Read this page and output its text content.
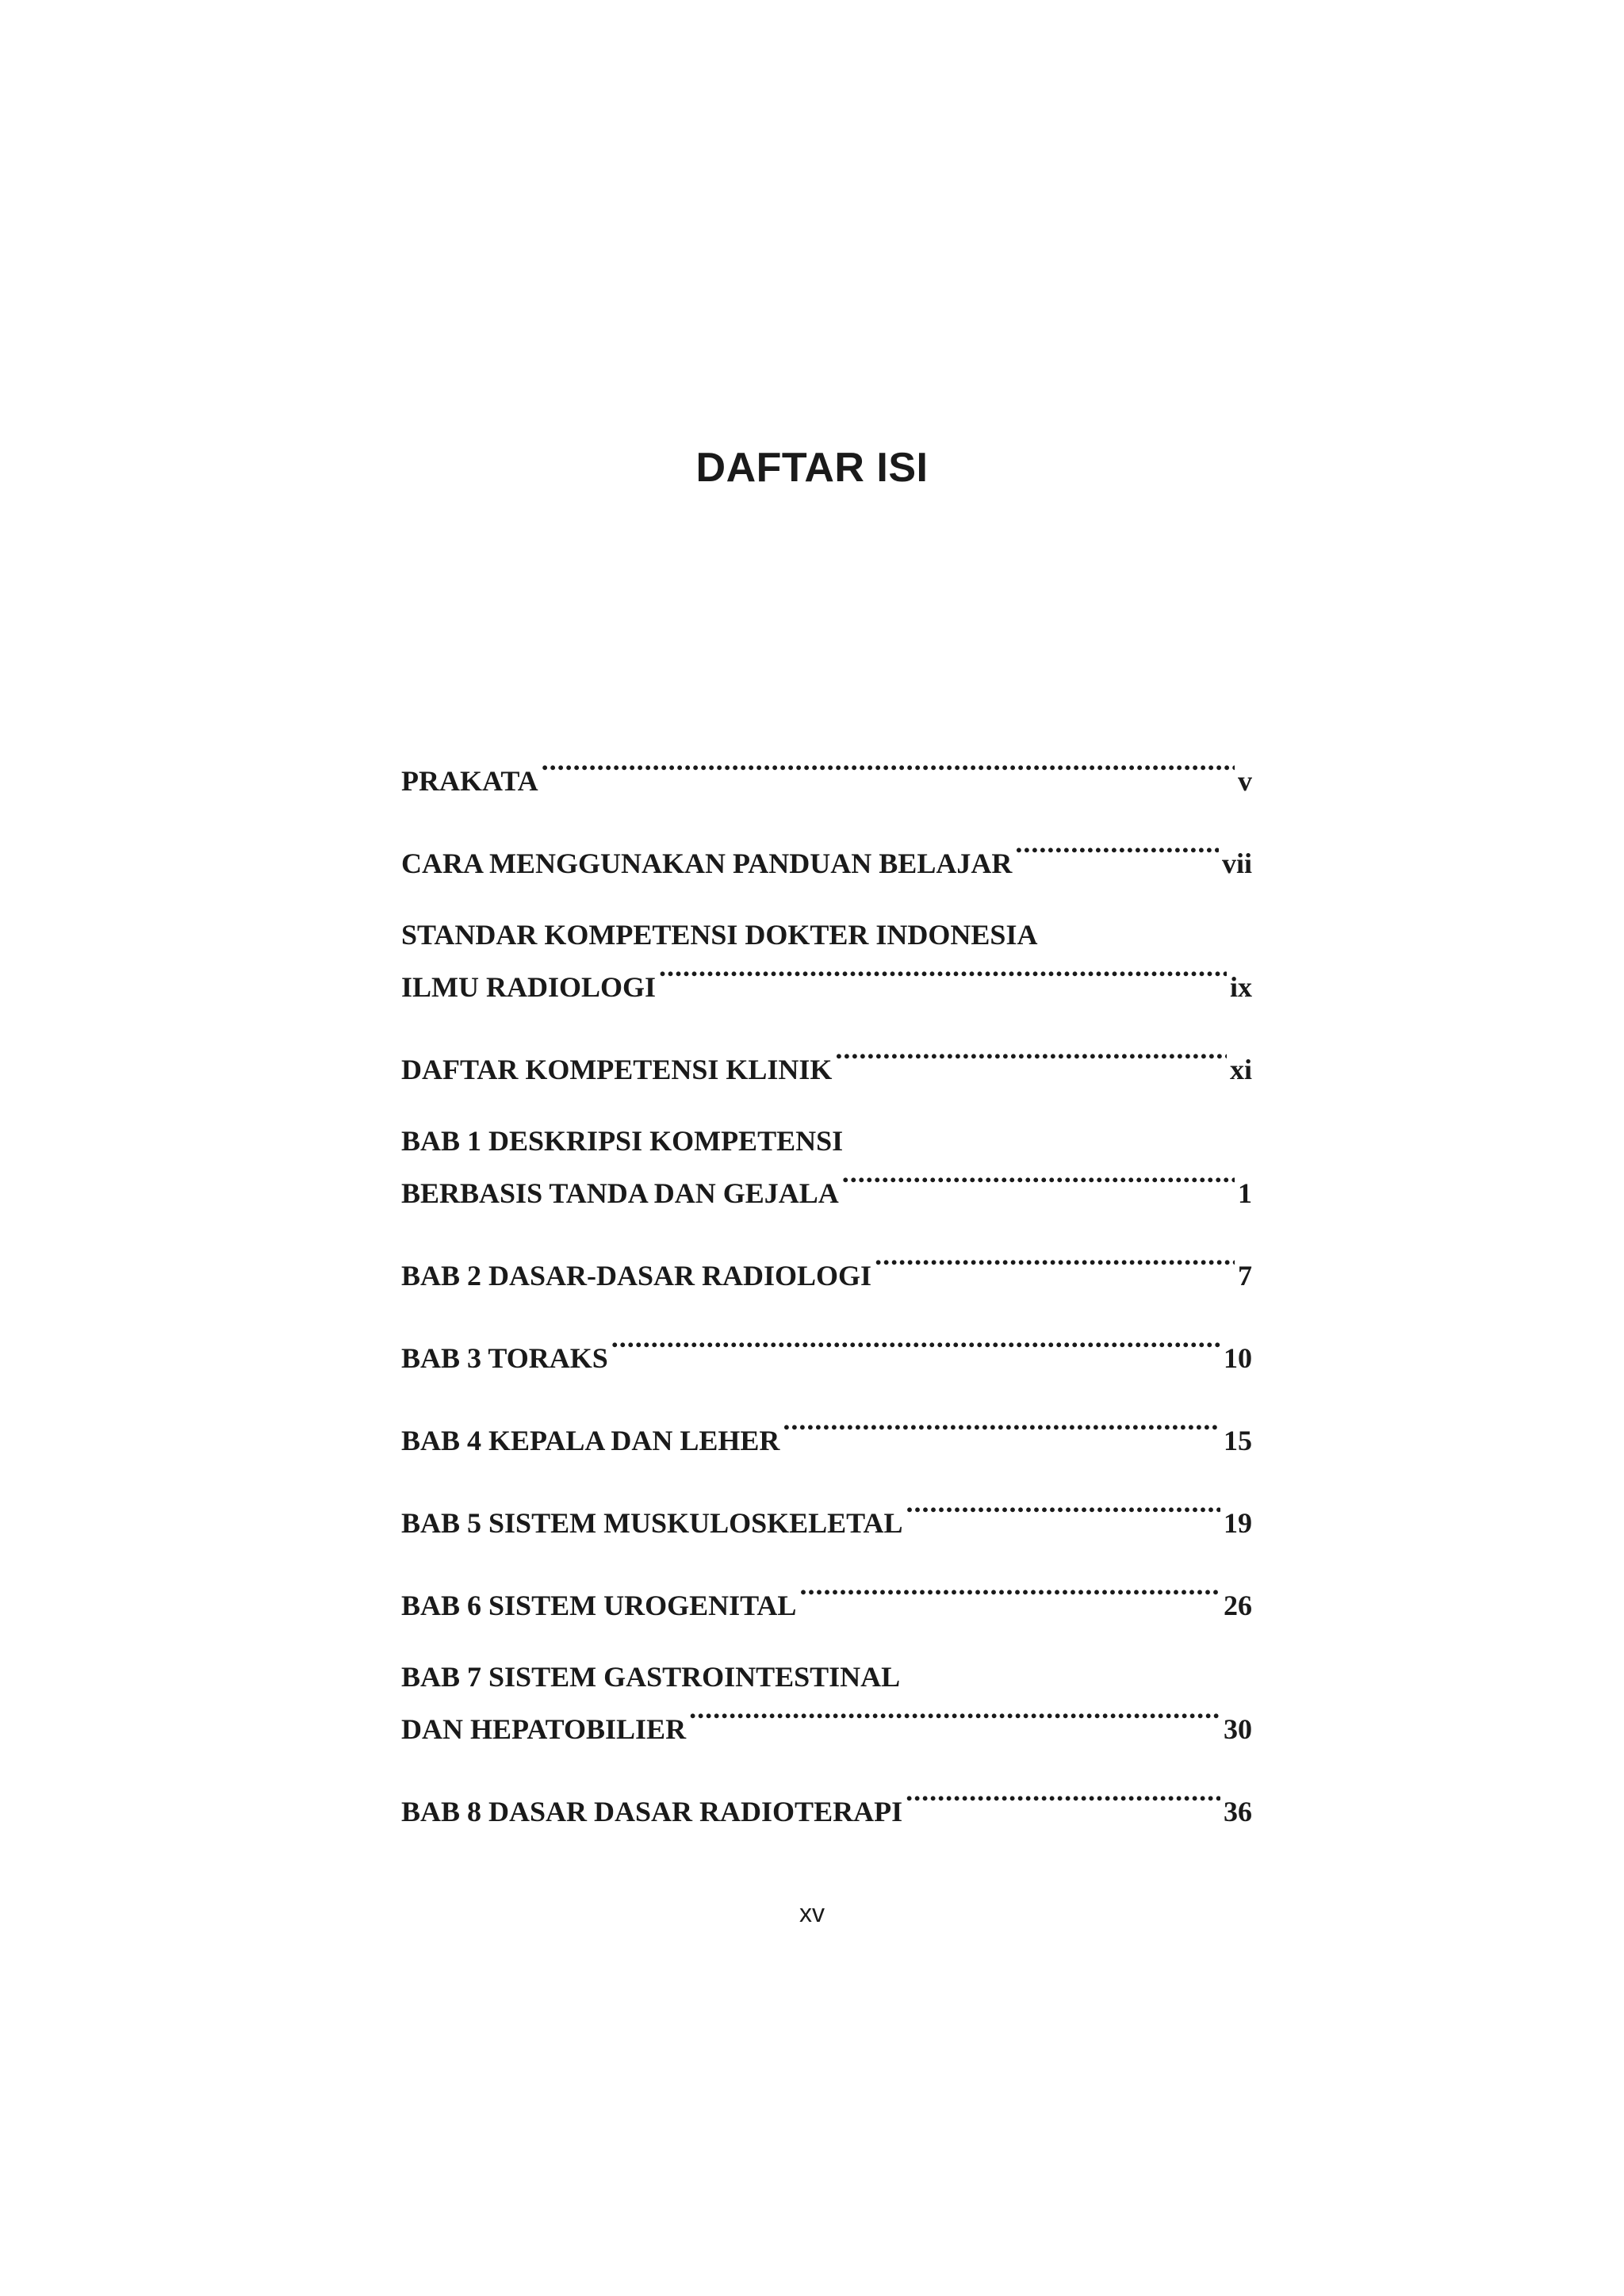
DAFTAR ISI
PRAKATA .....	v
CARA MENGGUNAKAN PANDUAN BELAJAR .....	vii
STANDAR KOMPETENSI DOKTER INDONESIA
ILMU RADIOLOGI .....	ix
DAFTAR KOMPETENSI KLINIK .....	xi
BAB 1 DESKRIPSI KOMPETENSI
BERBASIS TANDA DAN GEJALA .....	1
BAB 2 DASAR-DASAR RADIOLOGI .....	7
BAB 3 TORAKS .....	10
BAB 4 KEPALA DAN LEHER .....	15
BAB 5 SISTEM MUSKULOSKELETAL .....	19
BAB 6 SISTEM UROGENITAL .....	26
BAB 7 SISTEM GASTROINTESTINAL
DAN HEPATOBILIER .....	30
BAB 8 DASAR DASAR RADIOTERAPI .....	36
xv
